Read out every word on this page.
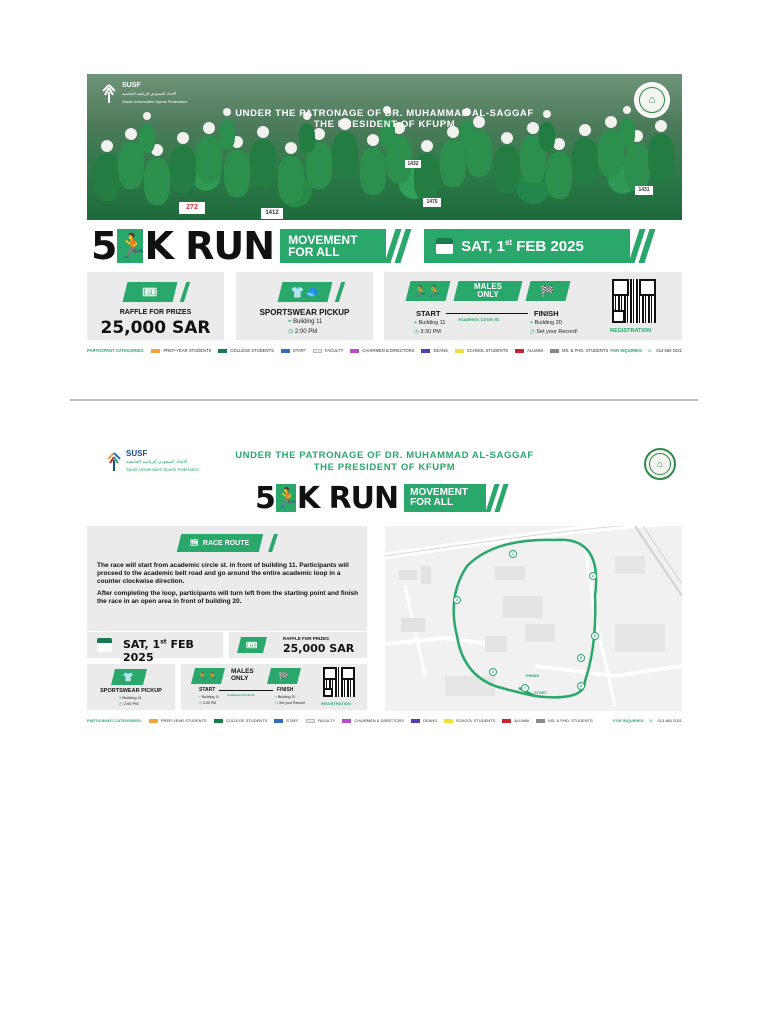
SUSF
الاتحاد السعودي للرياضة الجامعية
Saudi Universities Sports Federation
UNDER THE PATRONAGE OF DR. MUHAMMAD AL-SAGGAF
THE PRESIDENT OF KFUPM
⌂
272
1412
1475
1431
1432
5 🏃
K RUN MOVEMENT
FOR ALL	SAT, 1st FEB 2025
🎟
RAFFLE FOR PRIZES
25,000 SAR
👕🧢
SPORTSWEAR PICKUP
⌖ Building 11
◷ 2:00 PM
🏃🏃	MALES
ONLY	🏁
START
Academic Circle St.
FINISH
⌖ Building 11
◷ 3:30 PM
⌖ Building 20
◷ Set your Record!	REGISTRATION
PARTICIPANT CATEGORIES:	PREP-YEAR STUDENTS	COLLEGE STUDENTS	STAFF	FACULTY	CHAIRMEN & DIRECTORS	DEANS	SCHOOL STUDENTS	ALUMNI	MS. & PHD. STUDENTS FOR INQUIRIES: ☏ 013 860 2021
SUSF
الاتحاد السعودي للرياضة الجامعية
Saudi Universities Sports Federation
UNDER THE PATRONAGE OF DR. MUHAMMAD AL-SAGGAF
THE PRESIDENT OF KFUPM	⌂
5 🏃
K RUN MOVEMENT
FOR ALL
🗺 RACE ROUTE

The race will start from academic circle st. in front of building 11. Participants will proceed to the academic belt road and go around the entire academic loop in a counter clockwise direction.

After completing the loop, participants will turn left from the starting point and finish the race in an open area in front of building 20.

SAT, 1st FEB 2025
🎟
RAFFLE FOR PRIZES
25,000 SAR
👕
SPORTSWEAR PICKUP
⌖ Building 11
◷ 2:00 PM
🏃🏃 MALES
ONLY	🏁
START
Academic Circle St.
FINISH
⌖ Building 11
◷ 3:30 PM
⌖ Building 20
◷ Set your Record!	REGISTRATION
1
2
3
4
5
6
7	8
FINISH
START
PARTICIPANT CATEGORIES:	PREP-YEAR STUDENTS	COLLEGE STUDENTS	STAFF	FACULTY	CHAIRMEN & DIRECTORS	DEANS	SCHOOL STUDENTS	ALUMNI	MS. & PHD. STUDENTS	FOR INQUIRIES: ☏ 013 860 2021
